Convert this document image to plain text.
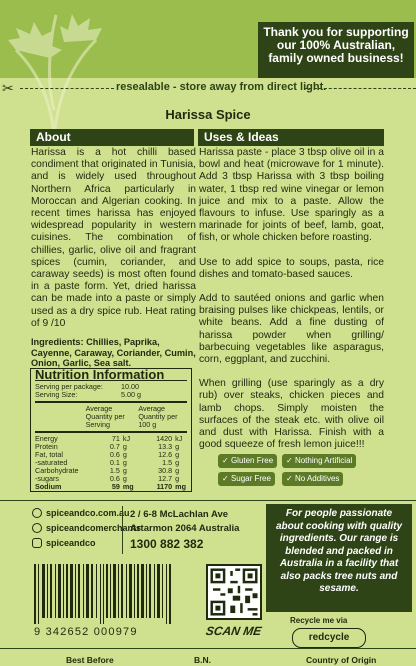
Thank you for supporting our 100% Australian, family owned business!
✂	resealable - store away from direct light.
Harissa Spice
About

Harissa is a hot chilli based condiment that originated in Tunisia, and is widely used throughout Northern Africa particularly in Moroccan and Algerian cooking. In recent times harissa has enjoyed widespread popularity in western cuisines. The combination of chillies, garlic, olive oil and fragrant spices (cumin, coriander, and caraway seeds) is most often found in a paste form. Yet, dried harissa can be made into a paste or simply used as a dry spice rub. Heat rating of 9 /10

Ingredients: Chillies, Paprika, Cayenne, Caraway, Coriander, Cumin, Onion, Garlic, Sea salt.
Nutrition Information
Serving per package:	10.00
Serving Size:	5.00 g
Average Quantity per Serving
Average Quantity per 100 g
Energy	71 kJ	1420 kJ
Protein	0.7 g	13.3 g
Fat, total	0.6 g	12.6 g
-saturated	0.1 g	1.5 g
Carbohydrate	1.5 g	30.8 g
-sugars	0.6 g	12.7 g
Sodium	59 mg	1170 mg
Uses & Ideas

Harissa paste - place 3 tbsp olive oil in a bowl and heat (microwave for 1 minute). Add 3 tbsp Harissa with 3 tbsp boiling water, 1 tbsp red wine vinegar or lemon juice and mix to a paste. Allow the flavours to infuse. Use sparingly as a marinade for joints of beef, lamb, goat, fish, or whole chicken before roasting.

Use to add spice to soups, pasta, rice dishes and tomato-based sauces.

Add to sautéed onions and garlic when braising pulses like chickpeas, lentils, or white beans. Add a fine dusting of harissa powder when grilling/ barbecuing vegetables like asparagus, corn, eggplant, and zucchini.

When grilling (use sparingly as a dry rub) over steaks, chicken pieces and lamb chops. Simply moisten the surfaces of the steak etc. with olive oil and dust with Harissa. Finish with a good squeeze of fresh lemon juice!!!

✓ Gluten Free	✓ Nothing Artificial
✓ Sugar Free	✓ No Additives
spiceandco.com.au
spiceandcomerchants
spiceandco
2 / 6-8 McLachlan Ave
Artarmon 2064 Australia
1300 882 382
For people passionate about cooking with quality ingredients. Our range is blended and packed in Australia in a facility that also packs tree nuts and sesame.
9 342652 000979	SCAN ME
Recycle me via
redcycle
Best Before	B.N.	Country of Origin
